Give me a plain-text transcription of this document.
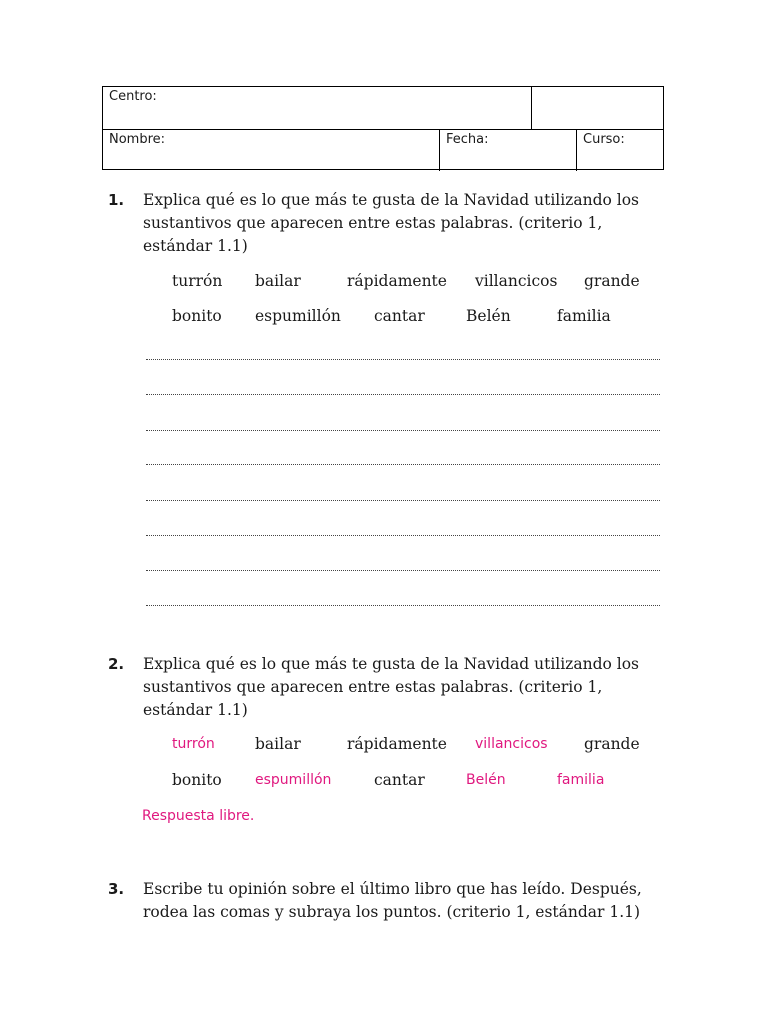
Centro:
Nombre:	Fecha:	Curso:
1. Explica qué es lo que más te gusta de la Navidad utilizando los sustantivos que aparecen entre estas palabras. (criterio 1, estándar 1.1)
turrón bailar	rápidamente villancicos grande
bonito espumillón cantar	Belén	familia
2. Explica qué es lo que más te gusta de la Navidad utilizando los sustantivos que aparecen entre estas palabras. (criterio 1, estándar 1.1)
turrón	bailar	rápidamente villancicos grande
bonito espumillón	cantar	Belén	familia
Respuesta libre.
3. Escribe tu opinión sobre el último libro que has leído. Después, rodea las comas y subraya los puntos. (criterio 1, estándar 1.1)
